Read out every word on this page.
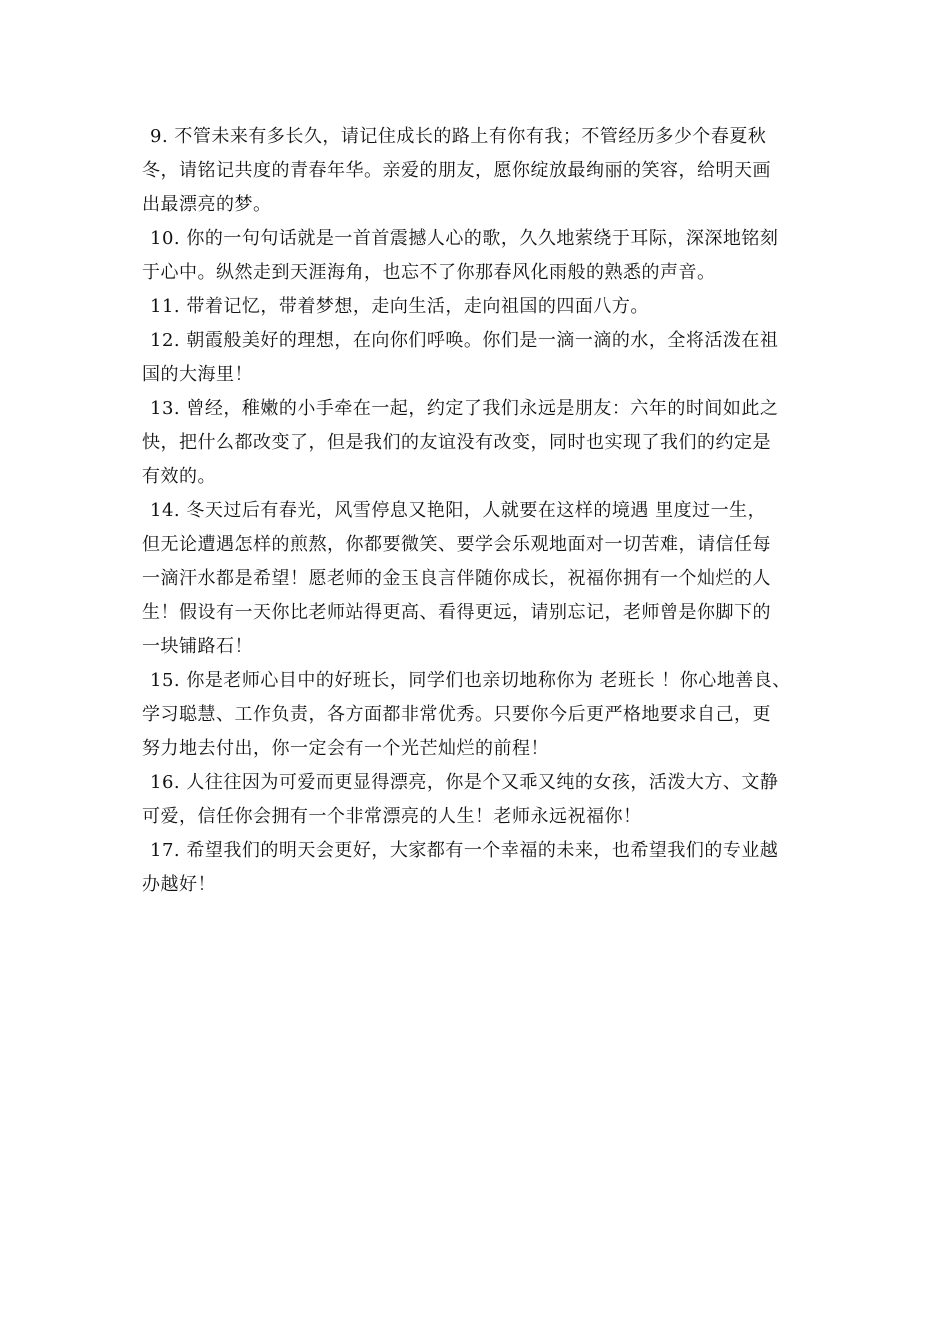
9. 不管未来有多长久，请记住成长的路上有你有我；不管经历多少个春夏秋
冬，请铭记共度的青春年华。亲爱的朋友，愿你绽放最绚丽的笑容，给明天画
出最漂亮的梦。
10. 你的一句句话就是一首首震撼人心的歌，久久地萦绕于耳际，深深地铭刻
于心中。纵然走到天涯海角，也忘不了你那春风化雨般的熟悉的声音。
11. 带着记忆，带着梦想，走向生活，走向祖国的四面八方。
12. 朝霞般美好的理想，在向你们呼唤。你们是一滴一滴的水，全将活泼在祖
国的大海里！
13. 曾经，稚嫩的小手牵在一起，约定了我们永远是朋友：六年的时间如此之
快，把什么都改变了，但是我们的友谊没有改变，同时也实现了我们的约定是
有效的。
14. 冬天过后有春光，风雪停息又艳阳，人就要在这样的境遇 里度过一生，
但无论遭遇怎样的煎熬，你都要微笑、要学会乐观地面对一切苦难，请信任每
一滴汗水都是希望！愿老师的金玉良言伴随你成长，祝福你拥有一个灿烂的人
生！假设有一天你比老师站得更高、看得更远，请别忘记，老师曾是你脚下的
一块铺路石！
15. 你是老师心目中的好班长，同学们也亲切地称你为 老班长 ！你心地善良、
学习聪慧、工作负责，各方面都非常优秀。只要你今后更严格地要求自己，更
努力地去付出，你一定会有一个光芒灿烂的前程！
16. 人往往因为可爱而更显得漂亮，你是个又乖又纯的女孩，活泼大方、文静
可爱，信任你会拥有一个非常漂亮的人生！老师永远祝福你！
17. 希望我们的明天会更好，大家都有一个幸福的未来，也希望我们的专业越
办越好！
